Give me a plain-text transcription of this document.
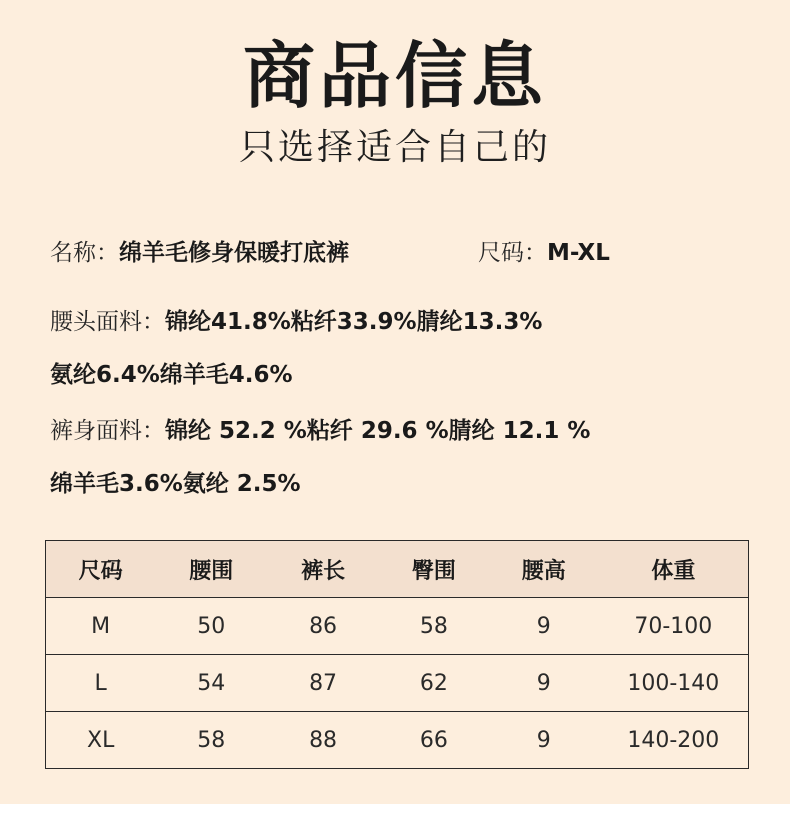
商品信息
只选择适合自己的
名称：绵羊毛修身保暖打底裤	尺码：M-XL
腰头面料：锦纶41.8%粘纤33.9%腈纶13.3%
氨纶6.4%绵羊毛4.6%
裤身面料：锦纶 52.2 %粘纤 29.6 %腈纶 12.1 %
绵羊毛3.6%氨纶 2.5%
尺码	腰围	裤长	臀围	腰高	体重
M	50	86	58	9	70-100
L	54	87	62	9	100-140
XL	58	88	66	9	140-200
